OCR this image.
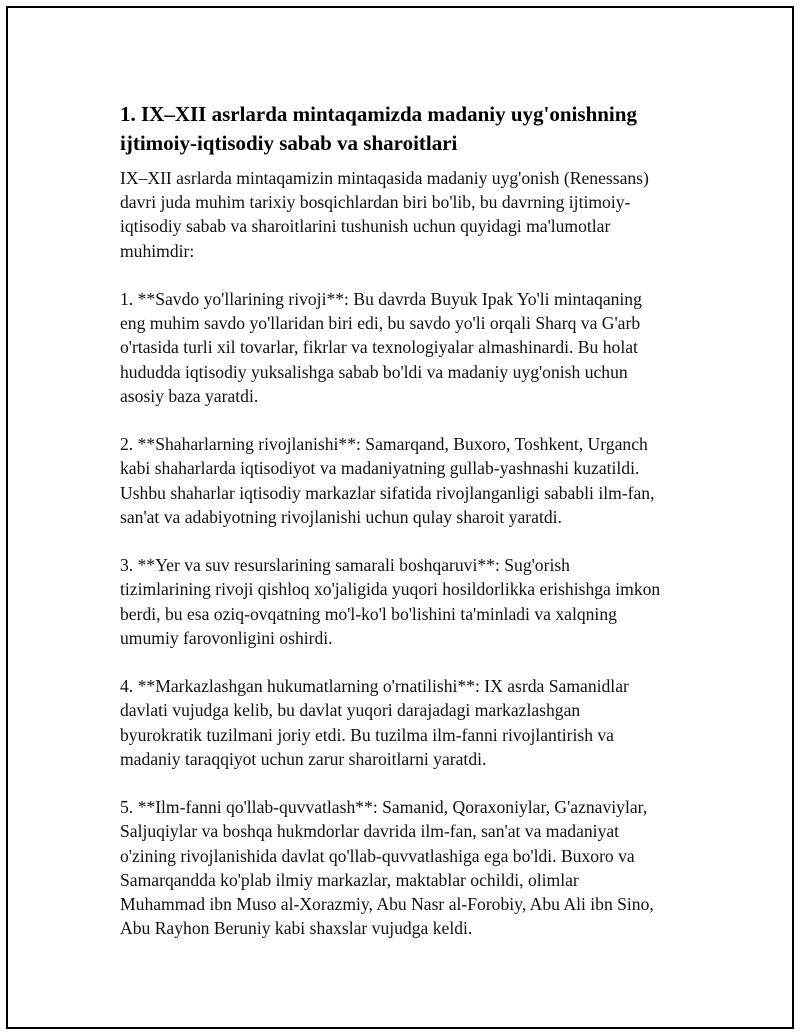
1. IX–XII asrlarda mintaqamizda madaniy uyg'onishning
ijtimoiy-iqtisodiy sabab va sharoitlari

IX–XII asrlarda mintaqamizin mintaqasida madaniy uyg'onish (Renessans)
davri juda muhim tarixiy bosqichlardan biri bo'lib, bu davrning ijtimoiy-
iqtisodiy sabab va sharoitlarini tushunish uchun quyidagi ma'lumotlar
muhimdir:

1. **Savdo yo'llarining rivoji**: Bu davrda Buyuk Ipak Yo'li mintaqaning
eng muhim savdo yo'llaridan biri edi, bu savdo yo'li orqali Sharq va G'arb
o'rtasida turli xil tovarlar, fikrlar va texnologiyalar almashinardi. Bu holat
hududda iqtisodiy yuksalishga sabab bo'ldi va madaniy uyg'onish uchun
asosiy baza yaratdi.

2. **Shaharlarning rivojlanishi**: Samarqand, Buxoro, Toshkent, Urganch
kabi shaharlarda iqtisodiyot va madaniyatning gullab-yashnashi kuzatildi.
Ushbu shaharlar iqtisodiy markazlar sifatida rivojlanganligi sababli ilm-fan,
san'at va adabiyotning rivojlanishi uchun qulay sharoit yaratdi.

3. **Yer va suv resurslarining samarali boshqaruvi**: Sug'orish
tizimlarining rivoji qishloq xo'jaligida yuqori hosildorlikka erishishga imkon
berdi, bu esa oziq-ovqatning mo'l-ko'l bo'lishini ta'minladi va xalqning
umumiy farovonligini oshirdi.

4. **Markazlashgan hukumatlarning o'rnatilishi**: IX asrda Samanidlar
davlati vujudga kelib, bu davlat yuqori darajadagi markazlashgan
byurokratik tuzilmani joriy etdi. Bu tuzilma ilm-fanni rivojlantirish va
madaniy taraqqiyot uchun zarur sharoitlarni yaratdi.

5. **Ilm-fanni qo'llab-quvvatlash**: Samanid, Qoraxoniylar, G'aznaviylar,
Saljuqiylar va boshqa hukmdorlar davrida ilm-fan, san'at va madaniyat
o'zining rivojlanishida davlat qo'llab-quvvatlashiga ega bo'ldi. Buxoro va
Samarqandda ko'plab ilmiy markazlar, maktablar ochildi, olimlar
Muhammad ibn Muso al-Xorazmiy, Abu Nasr al-Forobiy, Abu Ali ibn Sino,
Abu Rayhon Beruniy kabi shaxslar vujudga keldi.
